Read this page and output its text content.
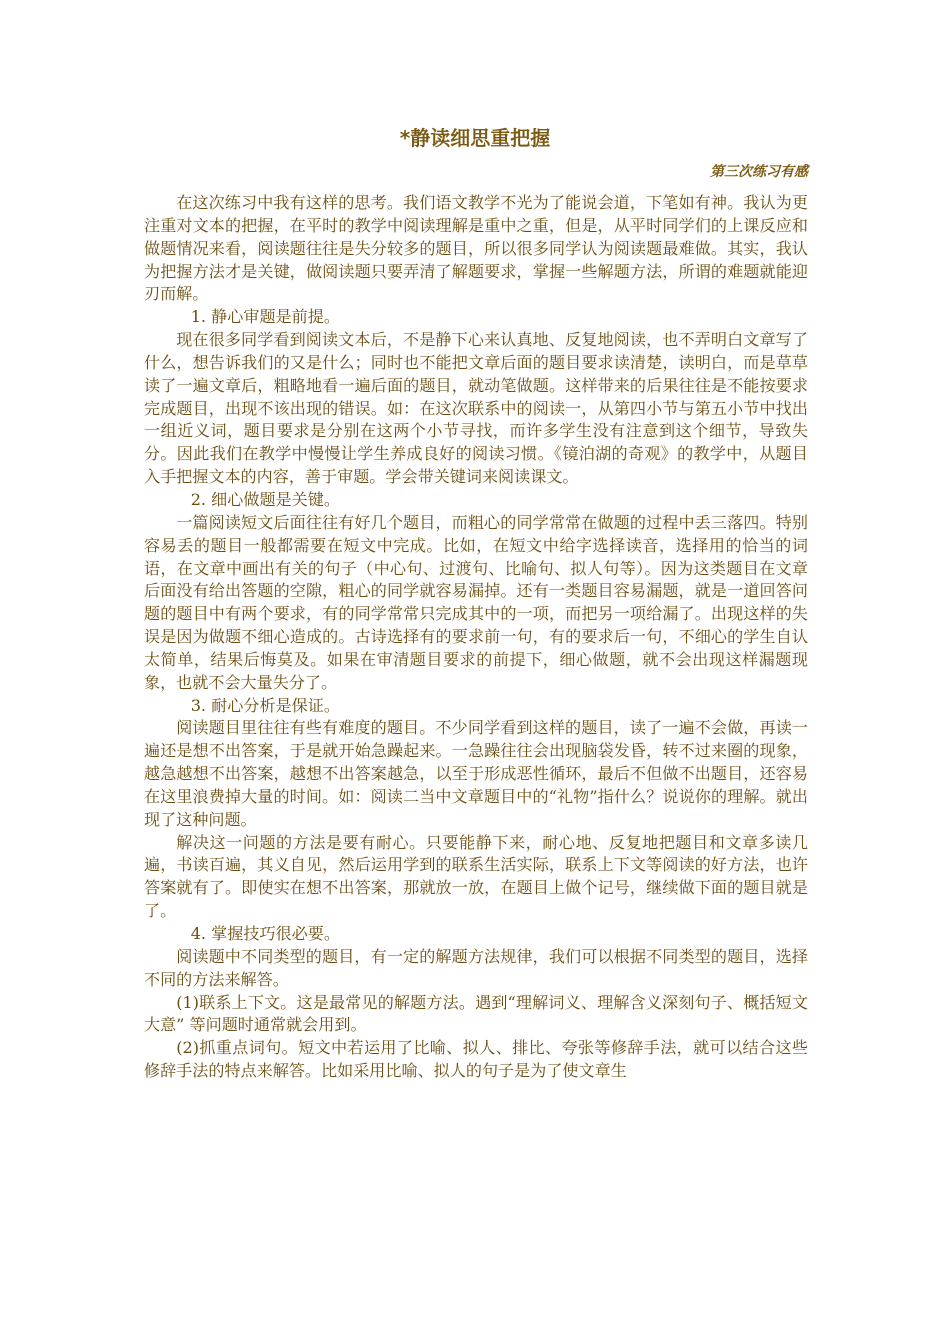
*静读细思重把握
第三次练习有感

在这次练习中我有这样的思考。我们语文教学不光为了能说会道，下笔如有神。我认为更注重对文本的把握，在平时的教学中阅读理解是重中之重，但是，从平时同学们的上课反应和做题情况来看，阅读题往往是失分较多的题目，所以很多同学认为阅读题最难做。其实，我认为把握方法才是关键，做阅读题只要弄清了解题要求，掌握一些解题方法，所谓的难题就能迎刃而解。

1. 静心审题是前提。

现在很多同学看到阅读文本后，不是静下心来认真地、反复地阅读，也不弄明白文章写了什么，想告诉我们的又是什么；同时也不能把文章后面的题目要求读清楚，读明白，而是草草读了一遍文章后，粗略地看一遍后面的题目，就动笔做题。这样带来的后果往往是不能按要求完成题目，出现不该出现的错误。如：在这次联系中的阅读一，从第四小节与第五小节中找出一组近义词，题目要求是分别在这两个小节寻找，而许多学生没有注意到这个细节，导致失分。因此我们在教学中慢慢让学生养成良好的阅读习惯。《镜泊湖的奇观》的教学中，从题目入手把握文本的内容，善于审题。学会带关键词来阅读课文。

2. 细心做题是关键。

一篇阅读短文后面往往有好几个题目，而粗心的同学常常在做题的过程中丢三落四。特别容易丢的题目一般都需要在短文中完成。比如，在短文中给字选择读音，选择用的恰当的词语，在文章中画出有关的句子（中心句、过渡句、比喻句、拟人句等）。因为这类题目在文章后面没有给出答题的空隙，粗心的同学就容易漏掉。还有一类题目容易漏题，就是一道回答问题的题目中有两个要求，有的同学常常只完成其中的一项，而把另一项给漏了。出现这样的失误是因为做题不细心造成的。古诗选择有的要求前一句，有的要求后一句，不细心的学生自认太简单，结果后悔莫及。如果在审清题目要求的前提下，细心做题，就不会出现这样漏题现象，也就不会大量失分了。

3. 耐心分析是保证。

阅读题目里往往有些有难度的题目。不少同学看到这样的题目，读了一遍不会做，再读一遍还是想不出答案，于是就开始急躁起来。一急躁往往会出现脑袋发昏，转不过来圈的现象，越急越想不出答案，越想不出答案越急，以至于形成恶性循环，最后不但做不出题目，还容易在这里浪费掉大量的时间。如：阅读二当中文章题目中的“礼物”指什么？说说你的理解。就出现了这种问题。

解决这一问题的方法是要有耐心。只要能静下来，耐心地、反复地把题目和文章多读几遍，书读百遍，其义自见，然后运用学到的联系生活实际，联系上下文等阅读的好方法，也许答案就有了。即使实在想不出答案，那就放一放，在题目上做个记号，继续做下面的题目就是了。

4. 掌握技巧很必要。

阅读题中不同类型的题目，有一定的解题方法规律，我们可以根据不同类型的题目，选择不同的方法来解答。

(1)联系上下文。这是最常见的解题方法。遇到“理解词义、理解含义深刻句子、概括短文大意” 等问题时通常就会用到。

(2)抓重点词句。短文中若运用了比喻、拟人、排比、夸张等修辞手法，就可以结合这些修辞手法的特点来解答。比如采用比喻、拟人的句子是为了使文章生
